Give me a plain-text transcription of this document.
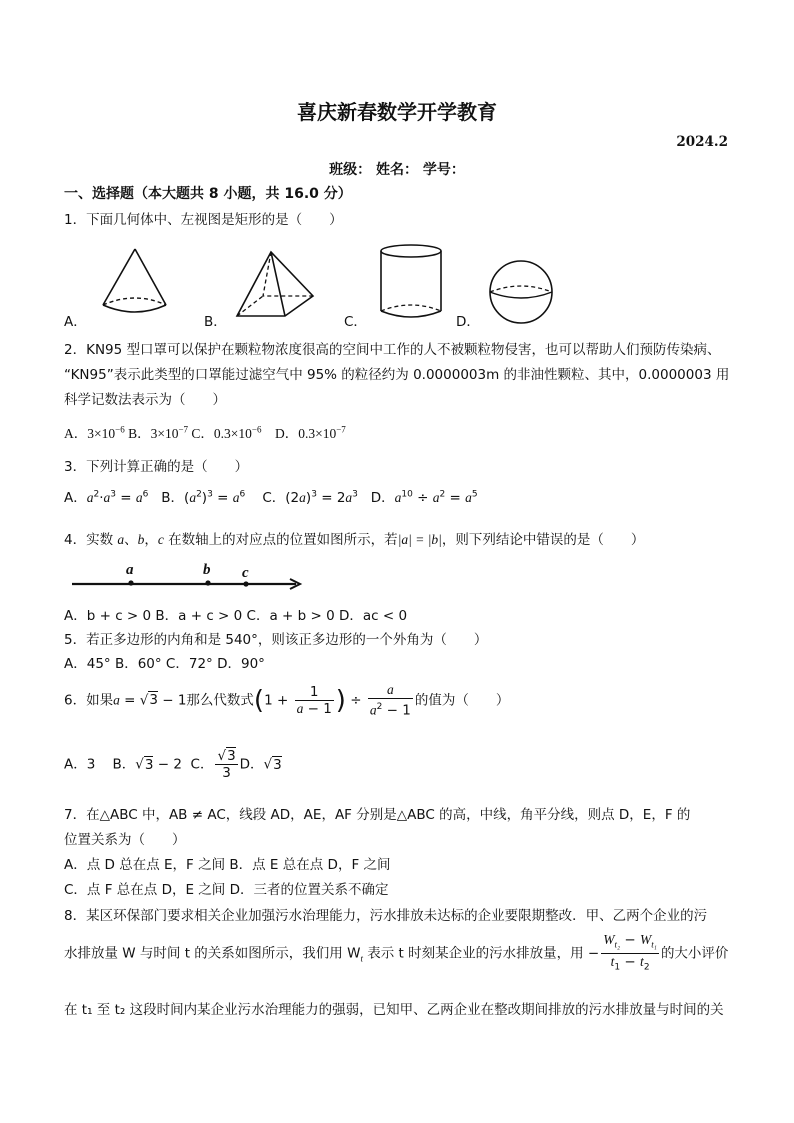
喜庆新春数学开学教育
2024.2
班级： 姓名： 学号：
一、选择题（本大题共 8 小题，共 16.0 分）
1．下面几何体中、左视图是矩形的是（　　）
A．	B．	C．	D．
2．KN95 型口罩可以保护在颗粒物浓度很高的空间中工作的人不被颗粒物侵害，也可以帮助人们预防传染病、
“KN95”表示此类型的口罩能过滤空气中 95% 的粒径约为 0.0000003m 的非油性颗粒、其中，0.0000003 用
科学记数法表示为（　　）
A．$3\times 10^{-6}$ B．$3\times 10^{-7}$ C．$0.3\times 10^{-6}$ D．$0.3\times 10^{-7}$
3．下列计算正确的是（　　）
A．$a^2\cdot a^3 = a^6$   B．$(a^2)^3 = a^6$    C．$(2a)^3 = 2a^3$   D．$a^{10} \div a^2 = a^5$
4．实数 a、b，c 在数轴上的对应点的位置如图所示，若|a| = |b|，则下列结论中错误的是（　　）
a	b c
A．b + c > 0 B．a + c > 0 C．a + b > 0 D．ac < 0
5．若正多边形的内角和是 540°，则该正多边形的一个外角为（　　）
A．45° B．60° C．72° D．90°
6．如果a = √3 − 1那么代数式($1 + \frac{1}{a - 1}$ ) ÷ $\frac{a}{a^2 - 1}$ 的值为（　　）
A．3    B．√3 − 2  C． $\frac{√3}{3}$ D．√3
7．在△ABC 中，AB ≠ AC，线段 AD，AE，AF 分别是△ABC 的高，中线，角平分线，则点 D，E，F 的
位置关系为（　　）
A．点 D 总在点 E，F 之间 B．点 E 总在点 D，F 之间
C．点 F 总在点 D，E 之间 D．三者的位置关系不确定
8．某区环保部门要求相关企业加强污水治理能力，污水排放未达标的企业要限期整改．甲、乙两个企业的污
水排放量 W 与时间 t 的关系如图所示，我们用 $W_t$ 表示 t 时刻某企业的污水排放量，用 − $\frac{W_{t_2} - W_{t_1}}{t_1 - t_2}$ 的大小评价
在 t₁ 至 t₂ 这段时间内某企业污水治理能力的强弱，已知甲、乙两企业在整改期间排放的污水排放量与时间的关
